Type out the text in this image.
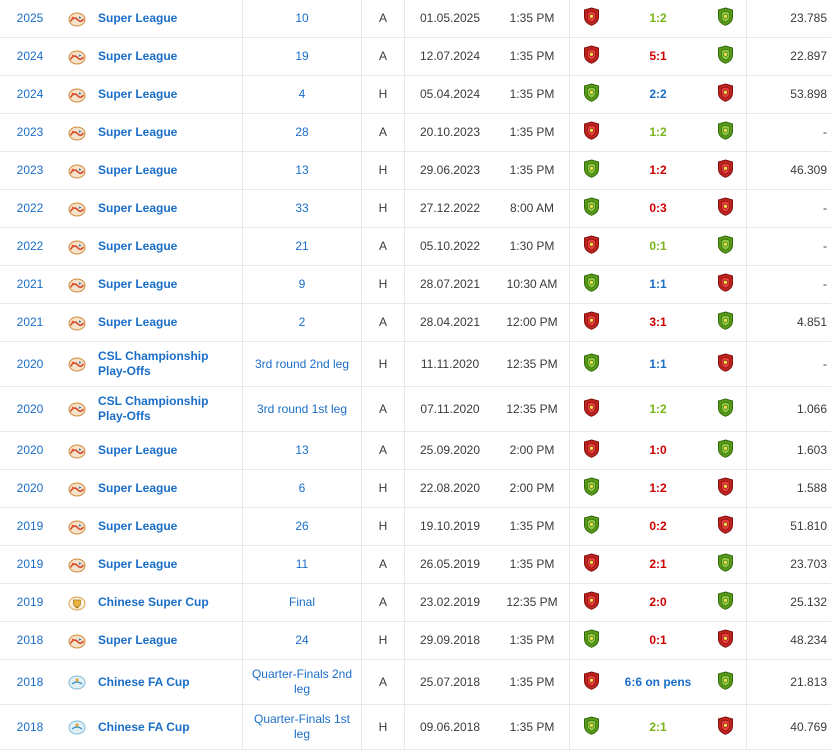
2025		Super League	10	A	01.05.2025	1:35 PM		1:2		23.785
2024		Super League	19	A	12.07.2024	1:35 PM		5:1		22.897
2024		Super League	4	H	05.04.2024	1:35 PM		2:2		53.898
2023		Super League	28	A	20.10.2023	1:35 PM		1:2		-
2023		Super League	13	H	29.06.2023	1:35 PM		1:2		46.309
2022		Super League	33	H	27.12.2022	8:00 AM		0:3		-
2022		Super League	21	A	05.10.2022	1:30 PM		0:1		-
2021		Super League	9	H	28.07.2021	10:30 AM		1:1		-
2021		Super League	2	A	28.04.2021	12:00 PM		3:1		4.851
2020		CSL Championship Play-Offs	3rd round 2nd leg	H	11.11.2020	12:35 PM		1:1		-
2020		CSL Championship Play-Offs	3rd round 1st leg	A	07.11.2020	12:35 PM		1:2		1.066
2020		Super League	13	A	25.09.2020	2:00 PM		1:0		1.603
2020		Super League	6	H	22.08.2020	2:00 PM		1:2		1.588
2019		Super League	26	H	19.10.2019	1:35 PM		0:2		51.810
2019		Super League	11	A	26.05.2019	1:35 PM		2:1		23.703
2019		Chinese Super Cup	Final	A	23.02.2019	12:35 PM		2:0		25.132
2018		Super League	24	H	29.09.2018	1:35 PM		0:1		48.234
2018		Chinese FA Cup	Quarter-Finals 2nd leg	A	25.07.2018	1:35 PM		6:6 on pens		21.813
2018		Chinese FA Cup	Quarter-Finals 1st leg	H	09.06.2018	1:35 PM		2:1		40.769
